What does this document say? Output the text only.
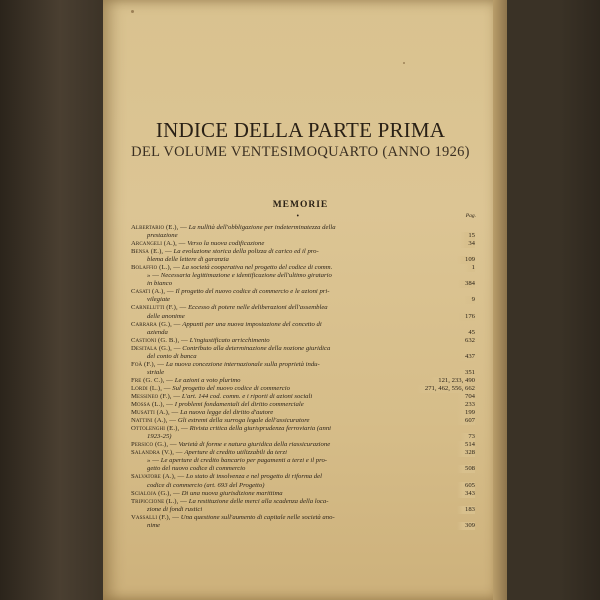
INDICE DELLA PARTE PRIMA
DEL VOLUME VENTESIMOQUARTO (ANNO 1926)
MEMORIE
•	Pag.
Albertario (E.), — La nullità dell'obbligazione per indeterminatezza della
prestazione	15
Arcangeli (A.), — Verso la nuova codificazione	34
Bensa (E.), — La evoluzione storica della polizza di carico ed il pro-
blema delle lettere di garanzia	109
Bolaffio (L.), — La società cooperativa nel progetto del codice di comm.	1
» — Necessaria legittimazione e identificazione dell'ultimo giratario
in bianco	384
Casati (A.), — Il progetto del nuovo codice di commercio e le azioni pri-
vilegiate	9
Carnelutti (F.), — Eccesso di potere nelle deliberazioni dell'assemblea
delle anonime	176
Carrara (G.), — Appunti per una nuova impostazione del concetto di
azienda	45
Castioni (G. B.), — L'ingiustificato arricchimento	632
Desitala (G.), — Contributo alla determinazione della nozione giuridica
del conto di banca	437
Foà (F.), — La nuova concezione internazionale sulla proprietà indu-
striale	351
Fre (G. C.), — Le azioni a voto plurimo	121, 233, 490
Lordi (L.), — Sul progetto del nuovo codice di commercio	271, 462, 556, 662
Messineo (F.), — L'art. 144 cod. comm. e i riporti di azioni sociali	704
Mossa (L.), — I problemi fondamentali del diritto commerciale	233
Musatti (A.), — La nuova legge del diritto d'autore	199
Nattini (A.), — Gli estremi della surroga legale dell'assicuratore	607
Ottolenghi (E.), — Rivista critica della giurisprudenza ferroviaria (anni
1923-25)	73
Persico (G.), — Varietà di forme e natura giuridica della riassicurazione	514
Salandra (V.), — Aperture di credito utilizzabili da terzi	328
» — Le aperture di credito bancario per pagamenti a terzi e il pro-
getto del nuovo codice di commercio	508
Salvatore (A.), — Lo stato di insolvenza e nel progetto di riforma del
codice di commercio (art. 693 del Progetto)	605
Scialoja (G.), — Di una nuova giurisdizione marittima	343
Tripiccione (L.), — La restituzione delle merci alla scadenza della loca-
zione di fondi rustici	183
Vassalli (F.), — Una questione sull'aumento di capitale nelle società ano-
nime	309
